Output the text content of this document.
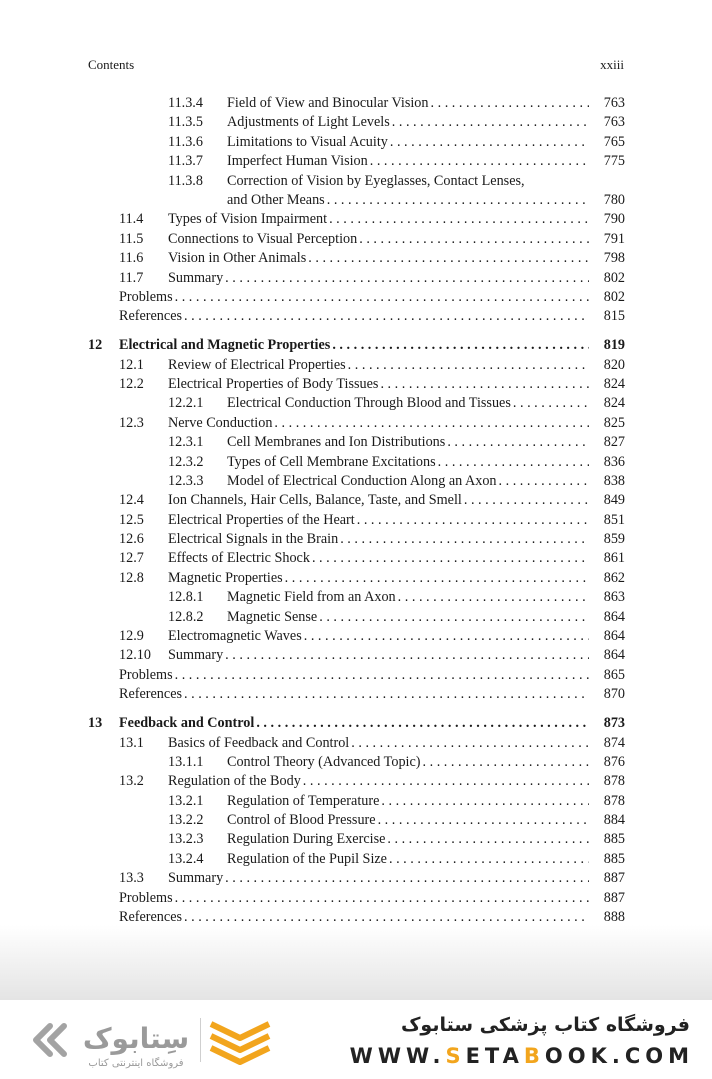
Contents	xxiii
11.3.4 Field of View and Binocular Vision . . .	763
11.3.5 Adjustments of Light Levels . . .	763
11.3.6 Limitations to Visual Acuity . . .	765
11.3.7 Imperfect Human Vision . . .	775
11.3.8 Correction of Vision by Eyeglasses, Contact Lenses,
and Other Means . . .	780
11.4 Types of Vision Impairment . . .	790
11.5 Connections to Visual Perception . . .	791
11.6 Vision in Other Animals . . .	798
11.7 Summary . . .	802
Problems . . .	802
References . . .	815
12 Electrical and Magnetic Properties . . .	819
12.1 Review of Electrical Properties . . .	820
12.2 Electrical Properties of Body Tissues . . .	824
12.2.1 Electrical Conduction Through Blood and Tissues . . .	824
12.3 Nerve Conduction . . .	825
12.3.1 Cell Membranes and Ion Distributions . . .	827
12.3.2 Types of Cell Membrane Excitations . . .	836
12.3.3 Model of Electrical Conduction Along an Axon . . .	838
12.4 Ion Channels, Hair Cells, Balance, Taste, and Smell . . .	849
12.5 Electrical Properties of the Heart . . .	851
12.6 Electrical Signals in the Brain . . .	859
12.7 Effects of Electric Shock . . .	861
12.8 Magnetic Properties . . .	862
12.8.1 Magnetic Field from an Axon . . .	863
12.8.2 Magnetic Sense . . .	864
12.9 Electromagnetic Waves . . .	864
12.10 Summary . . .	864
Problems . . .	865
References . . .	870
13 Feedback and Control . . .	873
13.1 Basics of Feedback and Control . . .	874
13.1.1 Control Theory (Advanced Topic) . . .	876
13.2 Regulation of the Body . . .	878
13.2.1 Regulation of Temperature . . .	878
13.2.2 Control of Blood Pressure . . .	884
13.2.3 Regulation During Exercise . . .	885
13.2.4 Regulation of the Pupil Size . . .	885
13.3 Summary . . .	887
Problems . . .	887
References . . .	888
سِتابوک
فروشگاه اینترنتی کتاب
فروشگاه کتاب پزشکی ستابوک
WWW.SETABOOK.COM
